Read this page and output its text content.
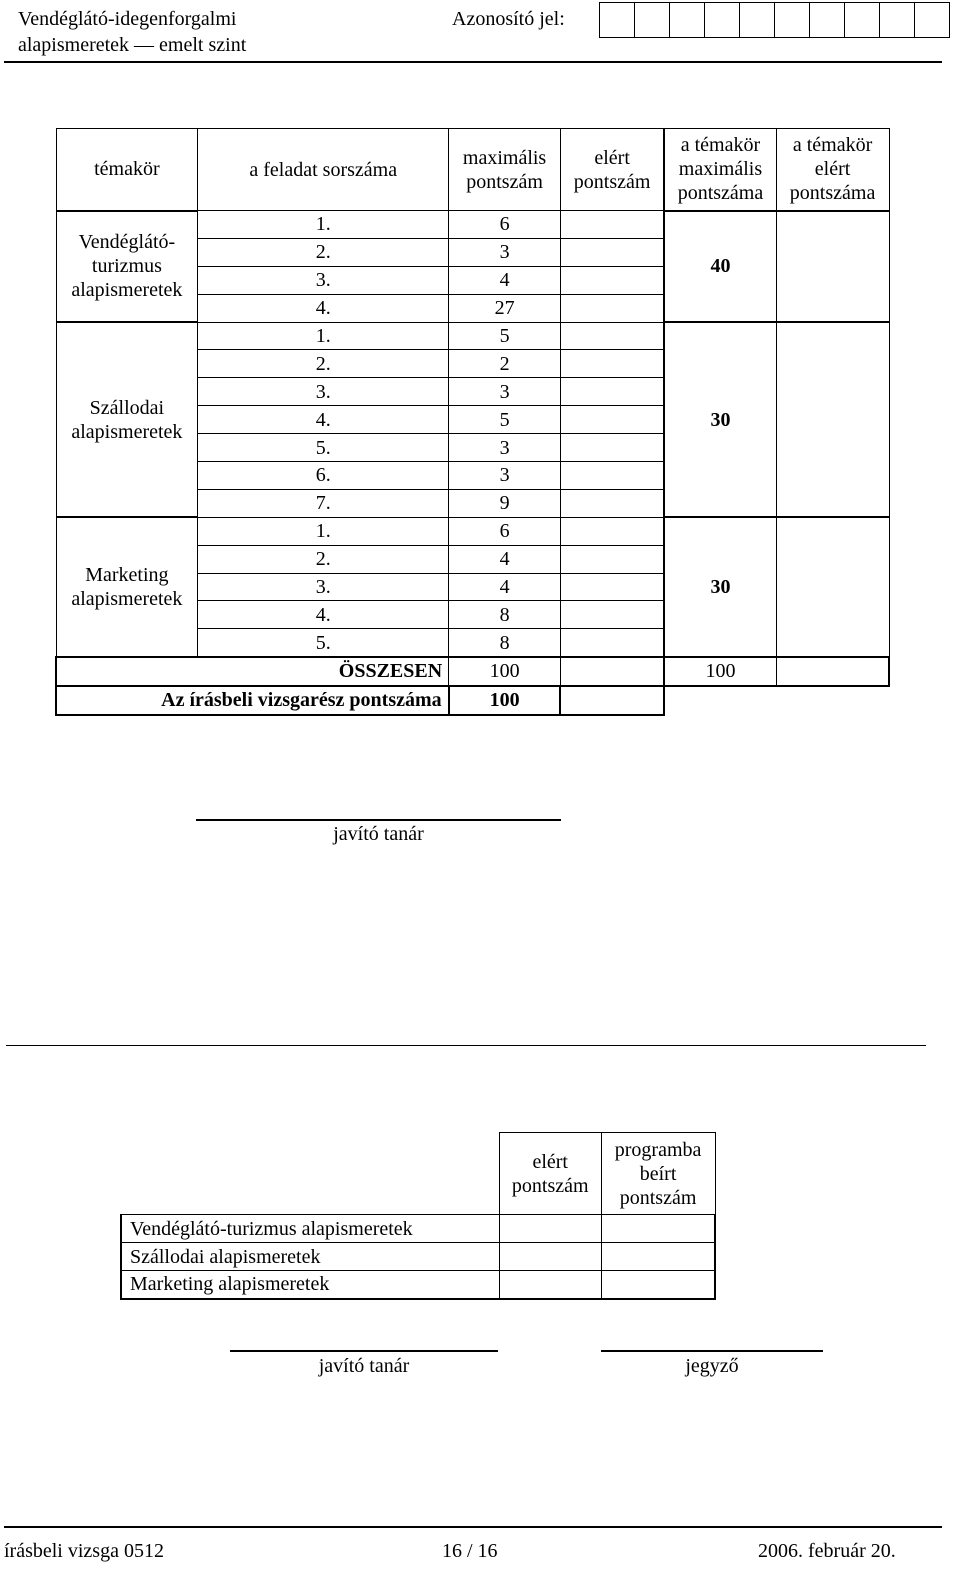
Vendéglátó-idegenforgalmi
alapismeretek — emelt szint
Azonosító jel:
témakör	a feladat sorszáma	maximális pontszám	elért pontszám	a témakör maximális pontszáma	a témakör elért pontszáma
Vendéglátó-turizmus alapismeretek	1.	6		40	
	2.	3			
	3.	4			
	4.	27			
Szállodai alapismeretek	1.	5		30	
	2.	2			
	3.	3			
	4.	5			
	5.	3			
	6.	3			
	7.	9			
Marketing alapismeretek	1.	6		30	
	2.	4			
	3.	4			
	4.	8			
	5.	8			
ÖSSZESEN		100		100	
Az írásbeli vizsgarész pontszáma		100			
javító tanár
	elért pontszám	programba beírt pontszám
Vendéglátó-turizmus alapismeretek		
Szállodai alapismeretek		
Marketing alapismeretek		
javító tanár	jegyző
írásbeli vizsga 0512	16 / 16	2006. február 20.
